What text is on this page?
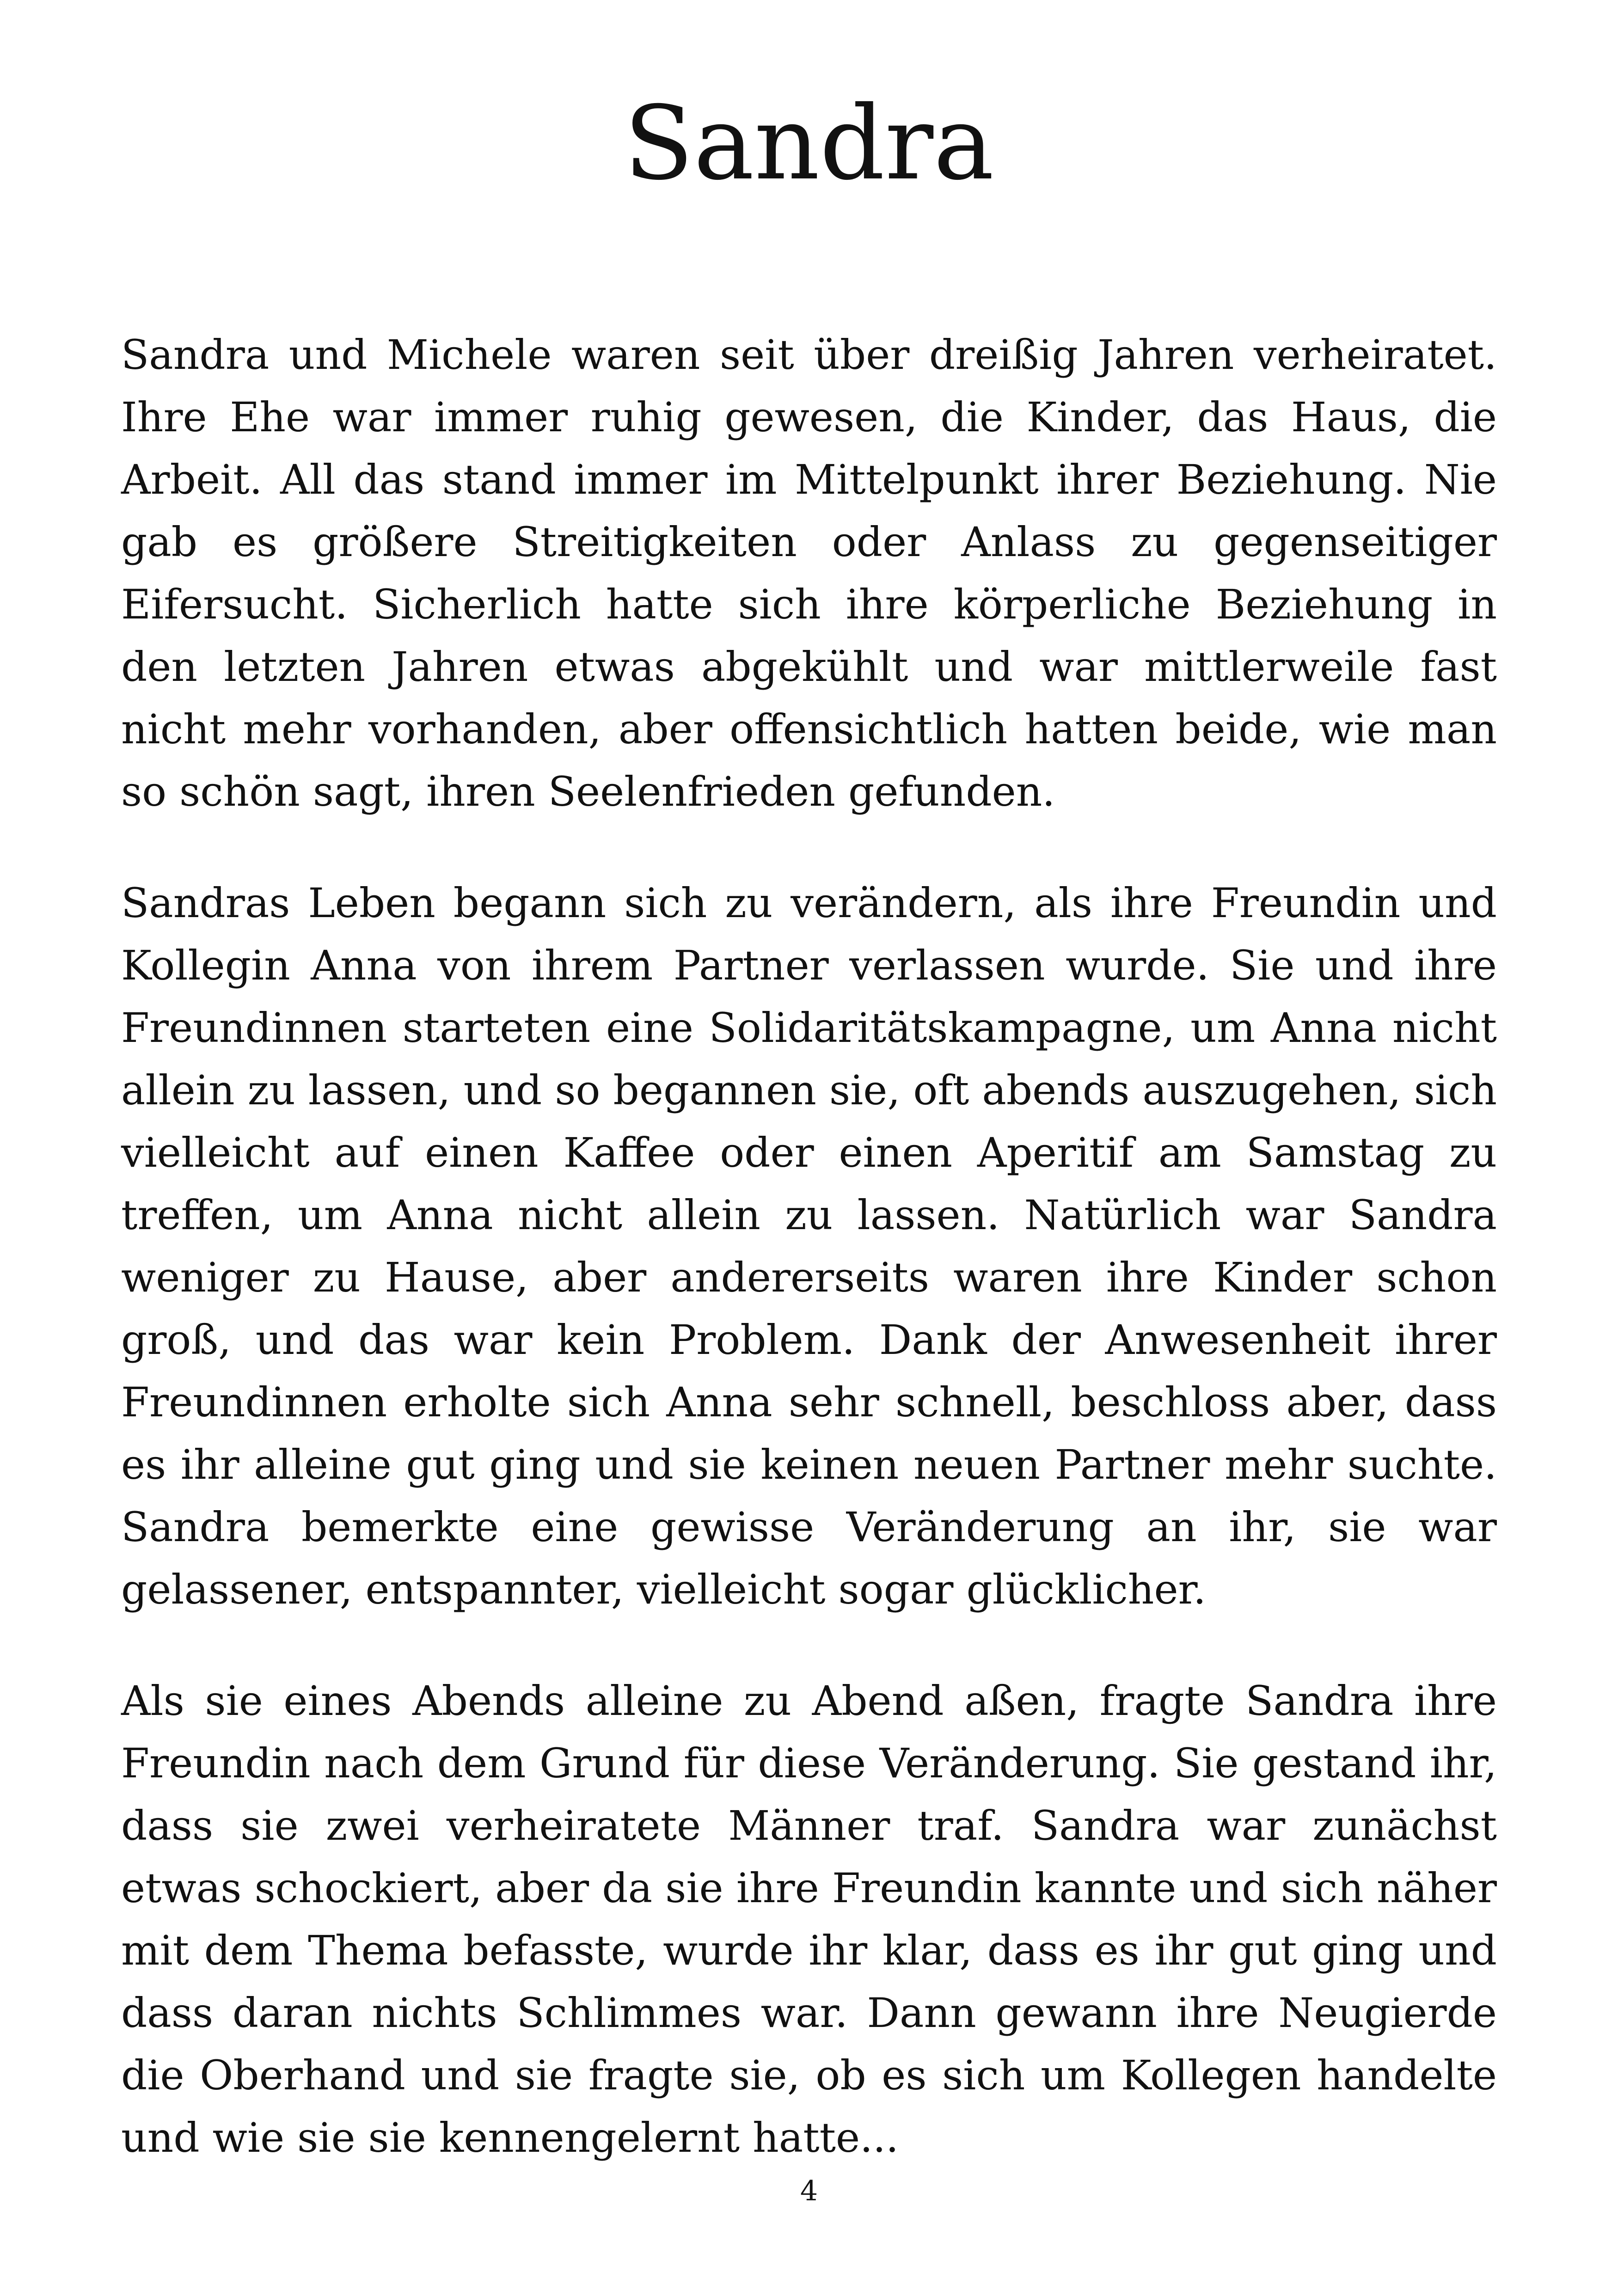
Sandra

Sandra und Michele waren seit über dreißig Jahren verheiratet. Ihre Ehe war immer ruhig gewesen, die Kinder, das Haus, die Arbeit. All das stand immer im Mittelpunkt ihrer Beziehung. Nie gab es größere Streitigkeiten oder Anlass zu gegenseitiger Eifersucht. Sicherlich hatte sich ihre körperliche Beziehung in den letzten Jahren etwas abgekühlt und war mittlerweile fast nicht mehr vorhanden, aber offensichtlich hatten beide, wie man so schön sagt, ihren Seelenfrieden gefunden.

Sandras Leben begann sich zu verändern, als ihre Freundin und Kollegin Anna von ihrem Partner verlassen wurde. Sie und ihre Freundinnen starteten eine Solidaritätskampagne, um Anna nicht allein zu lassen, und so begannen sie, oft abends auszugehen, sich vielleicht auf einen Kaffee oder einen Aperitif am Samstag zu treffen, um Anna nicht allein zu lassen. Natürlich war Sandra weniger zu Hause, aber andererseits waren ihre Kinder schon groß, und das war kein Problem. Dank der Anwesenheit ihrer Freundinnen erholte sich Anna sehr schnell, beschloss aber, dass es ihr alleine gut ging und sie keinen neuen Partner mehr suchte. Sandra bemerkte eine gewisse Veränderung an ihr, sie war gelassener, entspannter, vielleicht sogar glücklicher.

Als sie eines Abends alleine zu Abend aßen, fragte Sandra ihre Freundin nach dem Grund für diese Veränderung. Sie gestand ihr, dass sie zwei verheiratete Männer traf. Sandra war zunächst etwas schockiert, aber da sie ihre Freundin kannte und sich näher mit dem Thema befasste, wurde ihr klar, dass es ihr gut ging und dass daran nichts Schlimmes war. Dann gewann ihre Neugierde die Oberhand und sie fragte sie, ob es sich um Kollegen handelte und wie sie sie kennengelernt hatte...

4
